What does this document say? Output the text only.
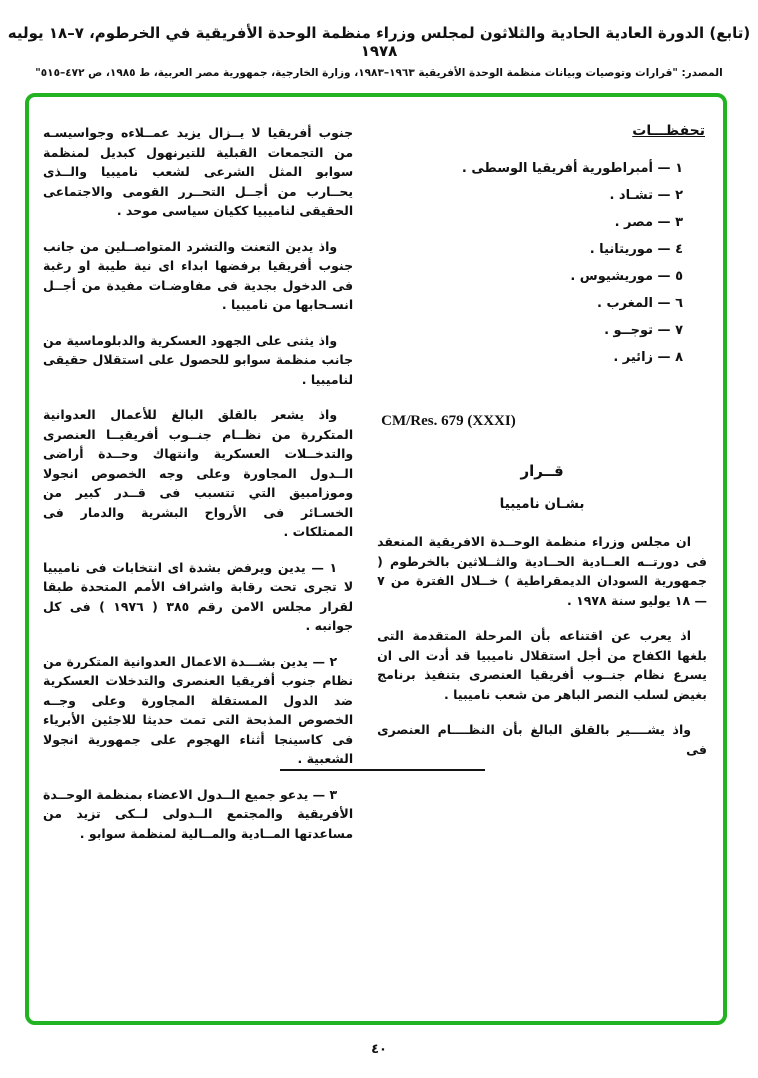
(تابع) الدورة العادية الحادية والثلاثون لمجلس وزراء منظمة الوحدة الأفريقية في الخرطوم، ٧–١٨ يوليه ١٩٧٨
المصدر: "قرارات وتوصيات وبيانات منظمة الوحدة الأفريقية ١٩٦٣–١٩٨٣، وزارة الخارجية، جمهورية مصر العربية، ط ١٩٨٥، ص ٤٧٢–٥١٥"
تحفظـــات
١ — أمبراطورية أفريقيا الوسطى .
٢ — تشـاد .
٣ — مصر .
٤ — موريتانيا .
٥ — موريشيوس .
٦ — المغرب .
٧ — توجــو .
٨ — زائير .
CM/Res. 679 (XXXI)
قــرار
بشـان ناميبيا

ان مجلس وزراء منظمة الوحــدة الافريقية المنعقد فى دورتــه العــادية الحــادية والثــلاثين بالخرطوم ( جمهورية السودان الديمقراطية ) خــلال الفترة من ٧ — ١٨ يوليو سنة ١٩٧٨ .

اذ يعرب عن اقتناعه بأن المرحلة المتقدمة التى بلغها الكفاح من أجل استقلال ناميبيا قد أدت الى ان يسرع نظام جنــوب أفريقيا العنصرى بتنفيذ برنامج بغيض لسلب النصر الباهر من شعب ناميبيا .

واذ يشــــير بالقلق البالغ بأن النظــــام العنصرى فى

جنوب أفريقيا لا يــزال يزيد عمــلاءه وجواسيسـه من التجمعات القبلية للتيرنهول كبديل لمنظمة سوابو المثل الشرعى لشعب ناميبيا والــذى يحــارب من أجــل التحــرر القومى والاجتماعى الحقيقى لناميبيا ككيان سياسى موحد .

واذ يدين التعنت والتشرد المتواصــلين من جانب جنوب أفريقيا برفضها ابداء اى نية طيبة او رغبة فى الدخول بجدية فى مفاوضـات مفيدة من أجــل انسـحابها من ناميبيا .

واذ يثنى على الجهود العسكرية والدبلوماسية من جانب منظمة سوابو للحصول على استقلال حقيقى لناميبيا .

واذ يشعر بالقلق البالغ للأعمال العدوانية المتكررة من نظــام جنــوب أفريقيــا العنصرى والتدخــلات العسكرية وانتهاك وحــدة أراضى الــدول المجاورة وعلى وجه الخصوص انجولا وموزامبيق التي تتسبب فى قــدر كبير من الخسـائر فى الأرواح البشرية والدمار فى الممتلكات .

١ — يدين ويرفض بشدة اى انتخابات فى ناميبيا لا تجرى تحت رقابة واشراف الأمم المتحدة طبقا لقرار مجلس الامن رقم ٣٨٥ ( ١٩٧٦ ) فى كل جوانبه .

٢ — يدين بشـــدة الاعمال العدوانية المتكررة من نظام جنوب أفريقيا العنصرى والتدخلات العسكرية ضد الدول المستقلة المجاورة وعلى وجــه الخصوص المذبحة التى تمت حديثا للاجئين الأبرياء فى كاسينجا أثناء الهجوم على جمهورية انجولا الشعبية .

٣ — يدعو جميع الــدول الاعضاء بمنظمة الوحــدة الأفريقية والمجتمع الــدولى لــكى تزيد من مساعدتها المــادية والمــالية لمنظمة سوابو .

٤٠
